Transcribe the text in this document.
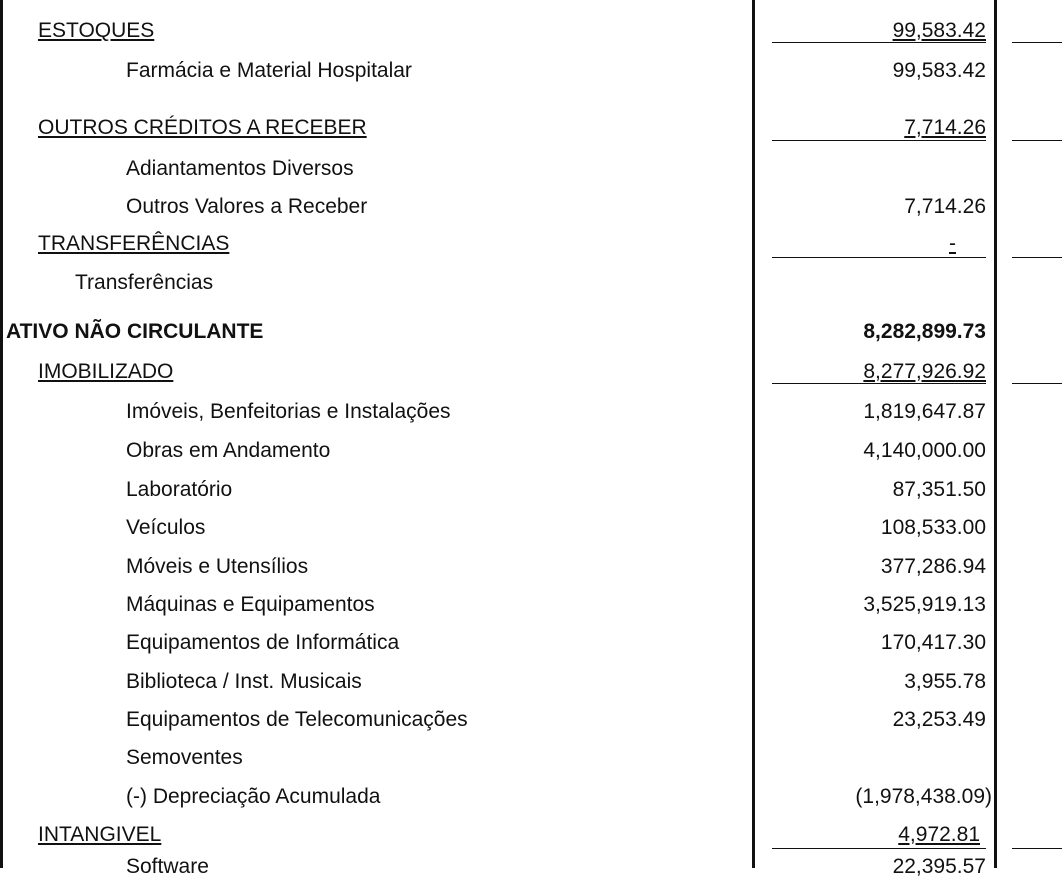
ESTOQUES	99,583.42
Farmácia e Material Hospitalar	99,583.42
OUTROS CRÉDITOS A RECEBER	7,714.26
Adiantamentos Diversos
Outros Valores a Receber	7,714.26
TRANSFERÊNCIAS	-
Transferências
ATIVO NÃO CIRCULANTE	8,282,899.73
IMOBILIZADO	8,277,926.92
Imóveis, Benfeitorias e Instalações	1,819,647.87
Obras em Andamento	4,140,000.00
Laboratório	87,351.50
Veículos	108,533.00
Móveis e Utensílios	377,286.94
Máquinas e Equipamentos	3,525,919.13
Equipamentos de Informática	170,417.30
Biblioteca / Inst. Musicais	3,955.78
Equipamentos de Telecomunicações	23,253.49
Semoventes
(-) Depreciação Acumulada	(1,978,438.09)
INTANGIVEL	4,972.81
Software	22,395.57
